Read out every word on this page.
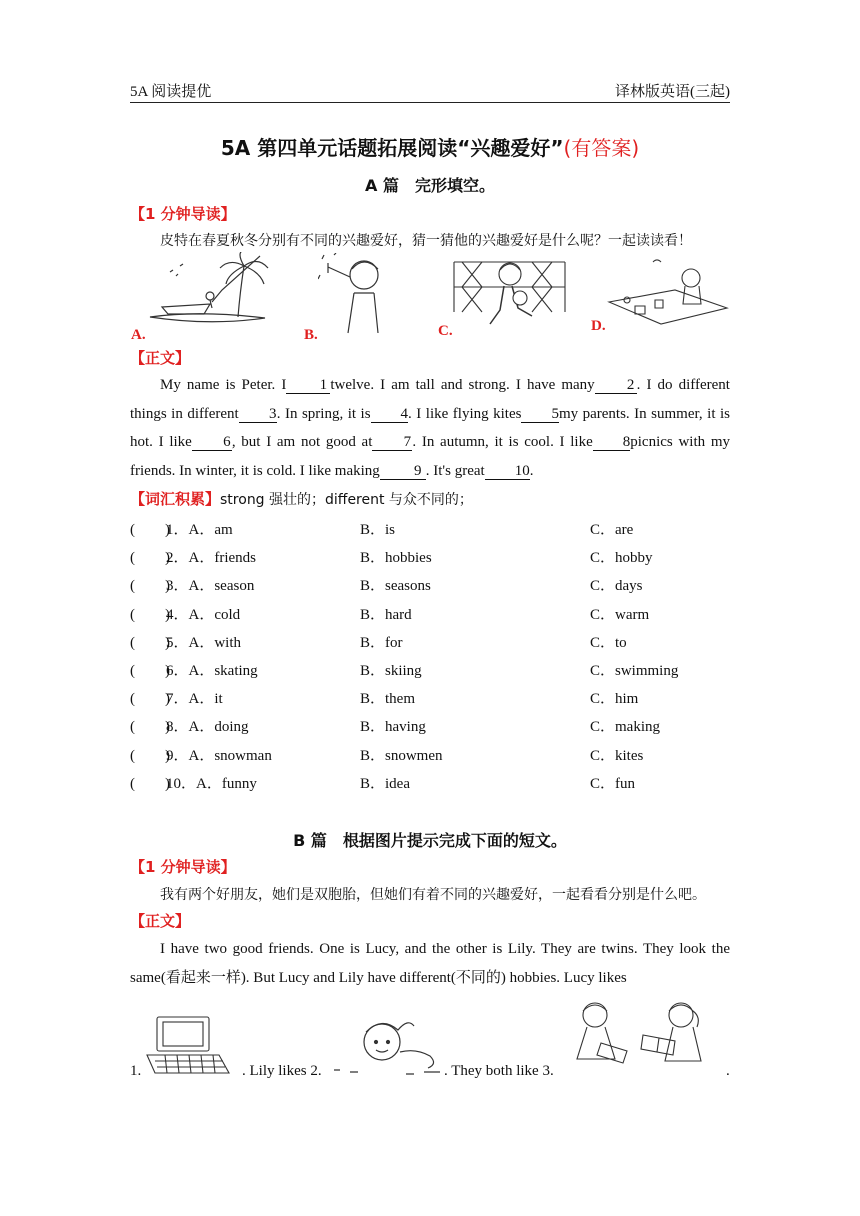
5A 阅读提优	译林版英语(三起)
5A 第四单元话题拓展阅读“兴趣爱好”(有答案)
A 篇　完形填空。
【1 分钟导读】
皮特在春夏秋冬分别有不同的兴趣爱好，猜一猜他的兴趣爱好是什么呢？一起读读看！
A.	B.	C.	D.
【正文】
My name is Peter. I 1 twelve. I am tall and strong. I have many 2 . I do different things in different 3. In spring, it is 4. I like flying kites 5my parents. In summer, it is hot. I like 6, but I am not good at 7. In autumn, it is cool. I like 8picnics with my friends. In winter, it is cold. I like making 9 . It's great 10.
【词汇积累】strong 强壮的；different 与众不同的；
(　　)
1．A．am	B．is	C．are
(　　)
2．A．friends	B．hobbies	C．hobby
(　　)
3．A．season	B．seasons	C．days
(　　)
4．A．cold	B．hard	C．warm
(　　)
5．A．with	B．for	C．to
(　　)
6．A．skating	B．skiing	C．swimming
(　　)
7．A．it	B．them	C．him
(　　)
8．A．doing	B．having	C．making
(　　)
9．A．snowman	B．snowmen	C．kites
(　　)
10．A．funny	B．idea	C．fun
B 篇　根据图片提示完成下面的短文。
【1 分钟导读】
我有两个好朋友，她们是双胞胎，但她们有着不同的兴趣爱好，一起看看分别是什么吧。
【正文】
I have two good friends. One is Lucy, and the other is Lily. They are twins. They look the same(看起来一样). But Lucy and Lily have different(不同的) hobbies. Lucy likes
1.	. Lily likes 2.	. They both like 3.	.
